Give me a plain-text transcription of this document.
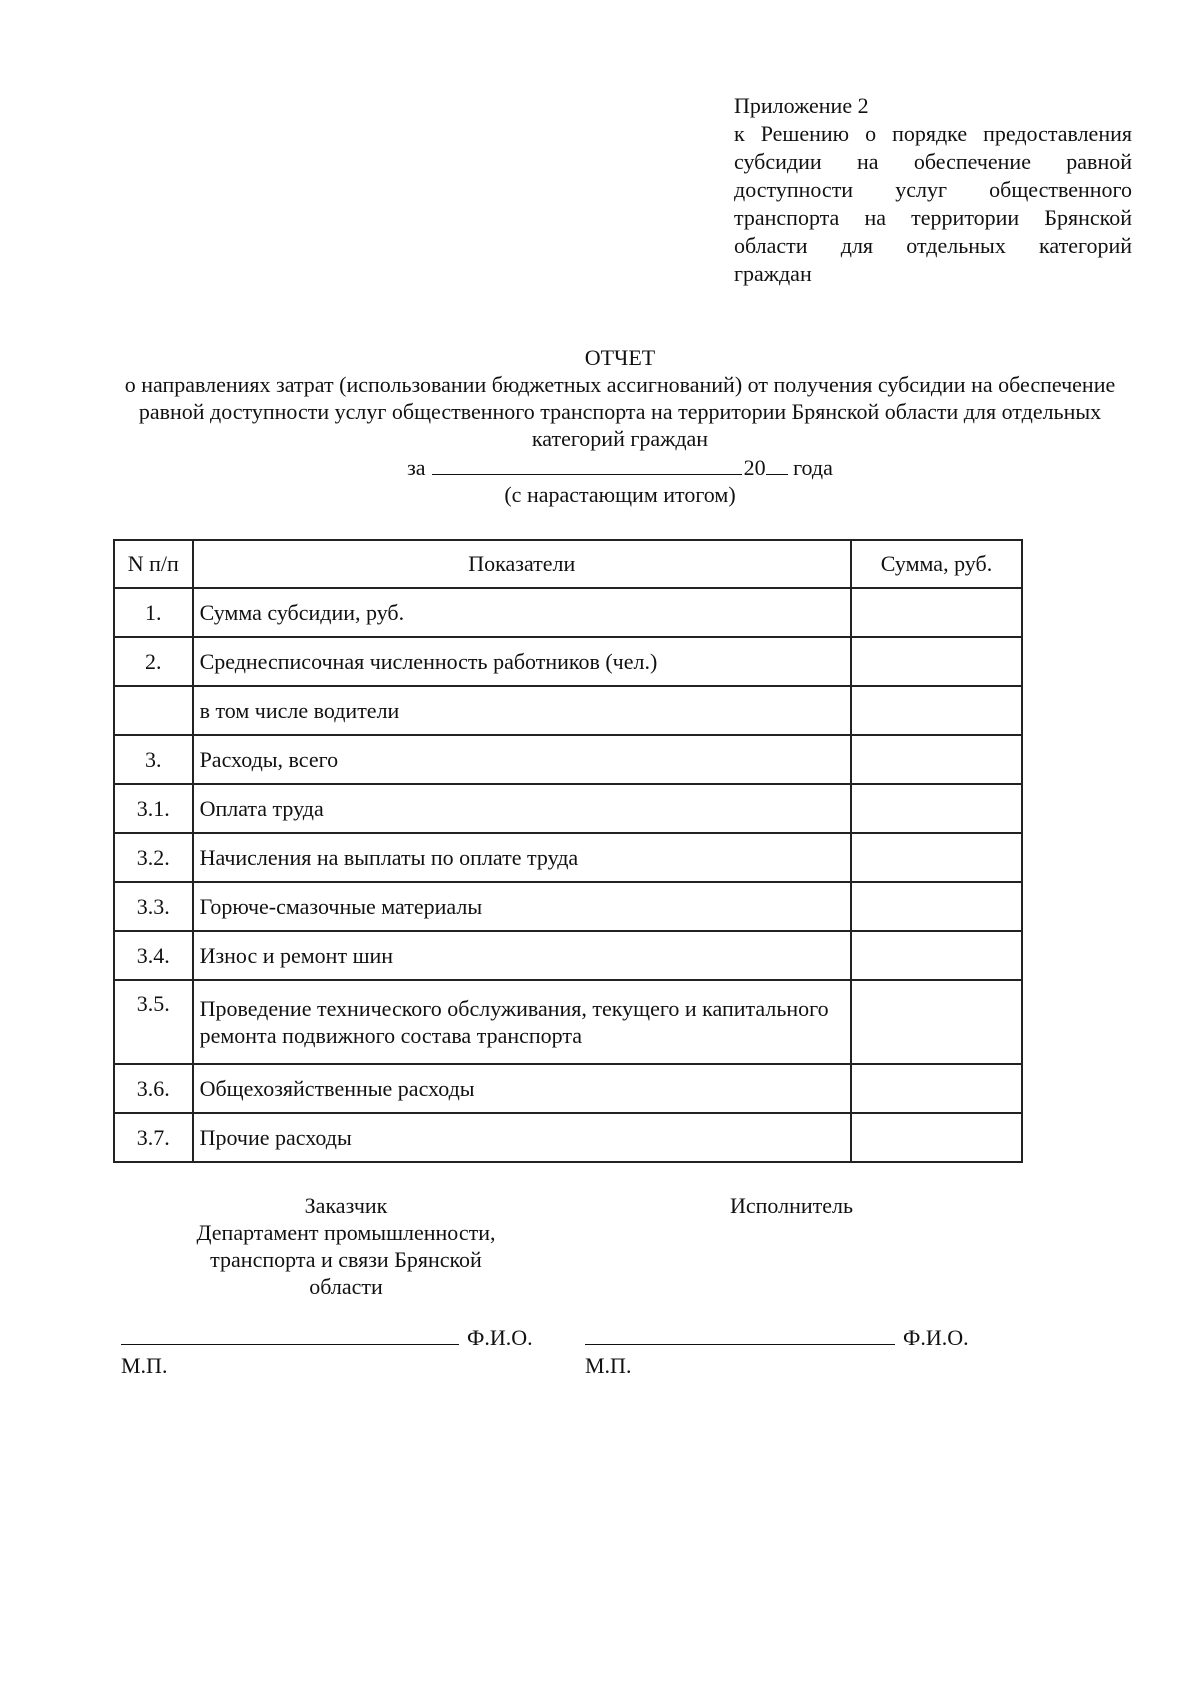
Приложение 2
к Решению о порядке предоставления субсидии на обеспечение равной доступности услуг общественного транспорта на территории Брянской области для отдельных категорий граждан
ОТЧЕТ
о направлениях затрат (использовании бюджетных ассигнований) от получения субсидии на обеспечение равной доступности услуг общественного транспорта на территории Брянской области для отдельных категорий граждан
за	20 года
(с нарастающим итогом)
N п/п	Показатели	Сумма, руб.
1.	Сумма субсидии, руб.	
2.	Среднесписочная численность работников (чел.)	
	в том числе водители	
3.	Расходы, всего	
3.1.	Оплата труда	
3.2.	Начисления на выплаты по оплате труда	
3.3.	Горюче-смазочные материалы	
3.4.	Износ и ремонт шин	
3.5.	Проведение технического обслуживания, текущего и капитального ремонта подвижного состава транспорта	
3.6.	Общехозяйственные расходы	
3.7.	Прочие расходы	
Заказчик
Департамент промышленности,
транспорта и связи Брянской
области
Исполнитель
Ф.И.О.
М.П.
Ф.И.О.
М.П.
